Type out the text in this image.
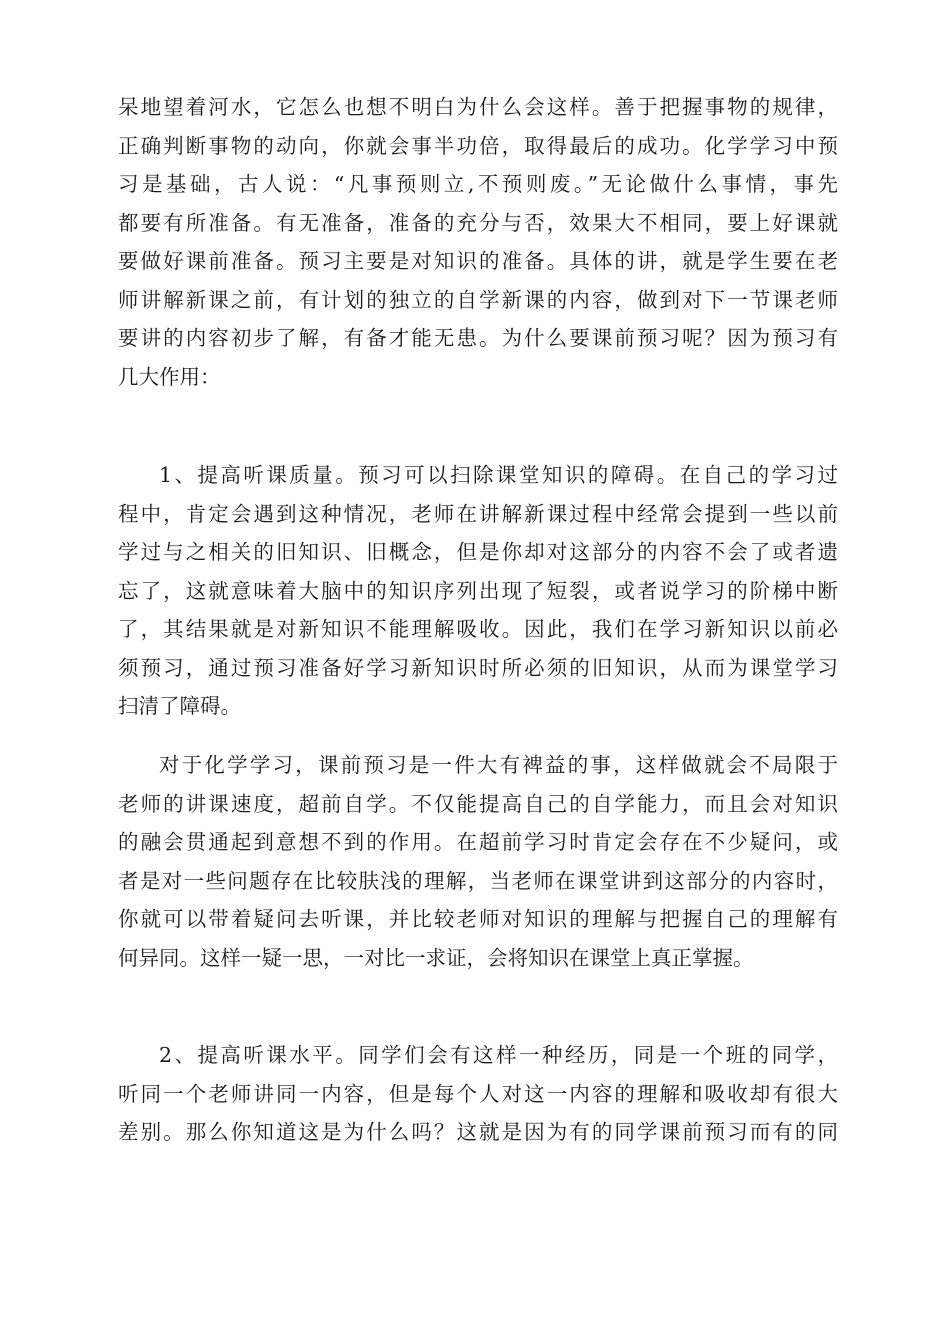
呆地望着河水，它怎么也想不明白为什么会这样。善于把握事物的规律，
正确判断事物的动向，你就会事半功倍，取得最后的成功。化学学习中预
习是基础，古人说：“凡事预则立,不预则废。”无论做什么事情，事先
都要有所准备。有无准备，准备的充分与否，效果大不相同，要上好课就
要做好课前准备。预习主要是对知识的准备。具体的讲，就是学生要在老
师讲解新课之前，有计划的独立的自学新课的内容，做到对下一节课老师
要讲的内容初步了解，有备才能无患。为什么要课前预习呢？因为预习有
几大作用：
1、提高听课质量。预习可以扫除课堂知识的障碍。在自己的学习过
程中，肯定会遇到这种情况，老师在讲解新课过程中经常会提到一些以前
学过与之相关的旧知识、旧概念，但是你却对这部分的内容不会了或者遗
忘了，这就意味着大脑中的知识序列出现了短裂，或者说学习的阶梯中断
了，其结果就是对新知识不能理解吸收。因此，我们在学习新知识以前必
须预习，通过预习准备好学习新知识时所必须的旧知识，从而为课堂学习
扫清了障碍。
对于化学学习，课前预习是一件大有裨益的事，这样做就会不局限于
老师的讲课速度，超前自学。不仅能提高自己的自学能力，而且会对知识
的融会贯通起到意想不到的作用。在超前学习时肯定会存在不少疑问，或
者是对一些问题存在比较肤浅的理解，当老师在课堂讲到这部分的内容时，
你就可以带着疑问去听课，并比较老师对知识的理解与把握自己的理解有
何异同。这样一疑一思，一对比一求证，会将知识在课堂上真正掌握。
2、提高听课水平。同学们会有这样一种经历，同是一个班的同学，
听同一个老师讲同一内容，但是每个人对这一内容的理解和吸收却有很大
差别。那么你知道这是为什么吗？这就是因为有的同学课前预习而有的同
